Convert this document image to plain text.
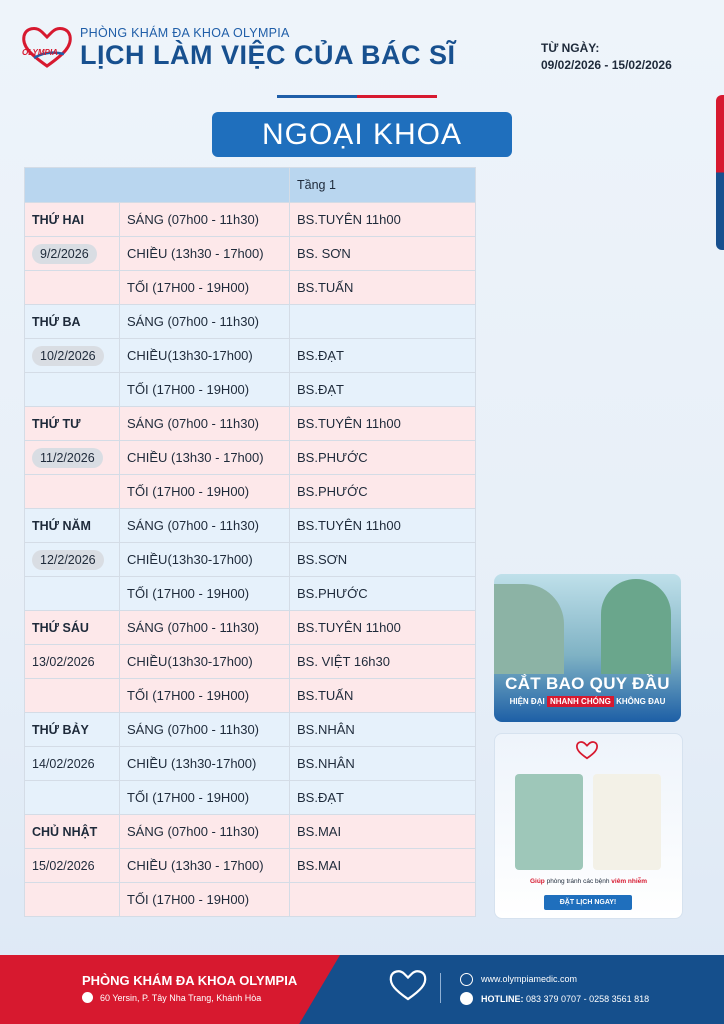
OLYMPIA
PHÒNG KHÁM ĐA KHOA OLYMPIA
LỊCH LÀM VIỆC CỦA BÁC SĨ	TỪ NGÀY:
09/02/2026 - 15/02/2026
NGOẠI KHOA
		Tầng 1
THỨ HAI	SÁNG (07h00 - 11h30)	BS.TUYÊN 11h00
9/2/2026	CHIỀU (13h30 - 17h00)	BS. SƠN
	TỐI (17H00 - 19H00)	BS.TUẤN
THỨ BA	SÁNG (07h00 - 11h30)	
10/2/2026	CHIỀU(13h30-17h00)	BS.ĐẠT
	TỐI (17H00 - 19H00)	BS.ĐẠT
THỨ TƯ	SÁNG (07h00 - 11h30)	BS.TUYÊN 11h00
11/2/2026	CHIỀU (13h30 - 17h00)	BS.PHƯỚC
	TỐI (17H00 - 19H00)	BS.PHƯỚC
THỨ NĂM	SÁNG (07h00 - 11h30)	BS.TUYÊN 11h00
12/2/2026	CHIỀU(13h30-17h00)	BS.SƠN
	TỐI (17H00 - 19H00)	BS.PHƯỚC
THỨ SÁU	SÁNG (07h00 - 11h30)	BS.TUYÊN 11h00
13/02/2026	CHIỀU(13h30-17h00)	BS. VIỆT 16h30
	TỐI (17H00 - 19H00)	BS.TUẤN
THỨ BẢY	SÁNG (07h00 - 11h30)	BS.NHÂN
14/02/2026	CHIỀU (13h30-17h00)	BS.NHÂN
	TỐI (17H00 - 19H00)	BS.ĐẠT
CHỦ NHẬT	SÁNG (07h00 - 11h30)	BS.MAI
15/02/2026	CHIỀU (13h30 - 17h00)	BS.MAI
	TỐI (17H00 - 19H00)	
CẮT BAO QUY ĐẦU
HIỆN ĐẠI NHANH CHÓNG KHÔNG ĐAU
Giúp phòng tránh các bệnh viêm nhiễm
ĐẶT LỊCH NGAY!
PHÒNG KHÁM ĐA KHOA OLYMPIA
60 Yersin, P. Tây Nha Trang, Khánh Hòa
www.olympiamedic.com
HOTLINE: 083 379 0707 - 0258 3561 818
